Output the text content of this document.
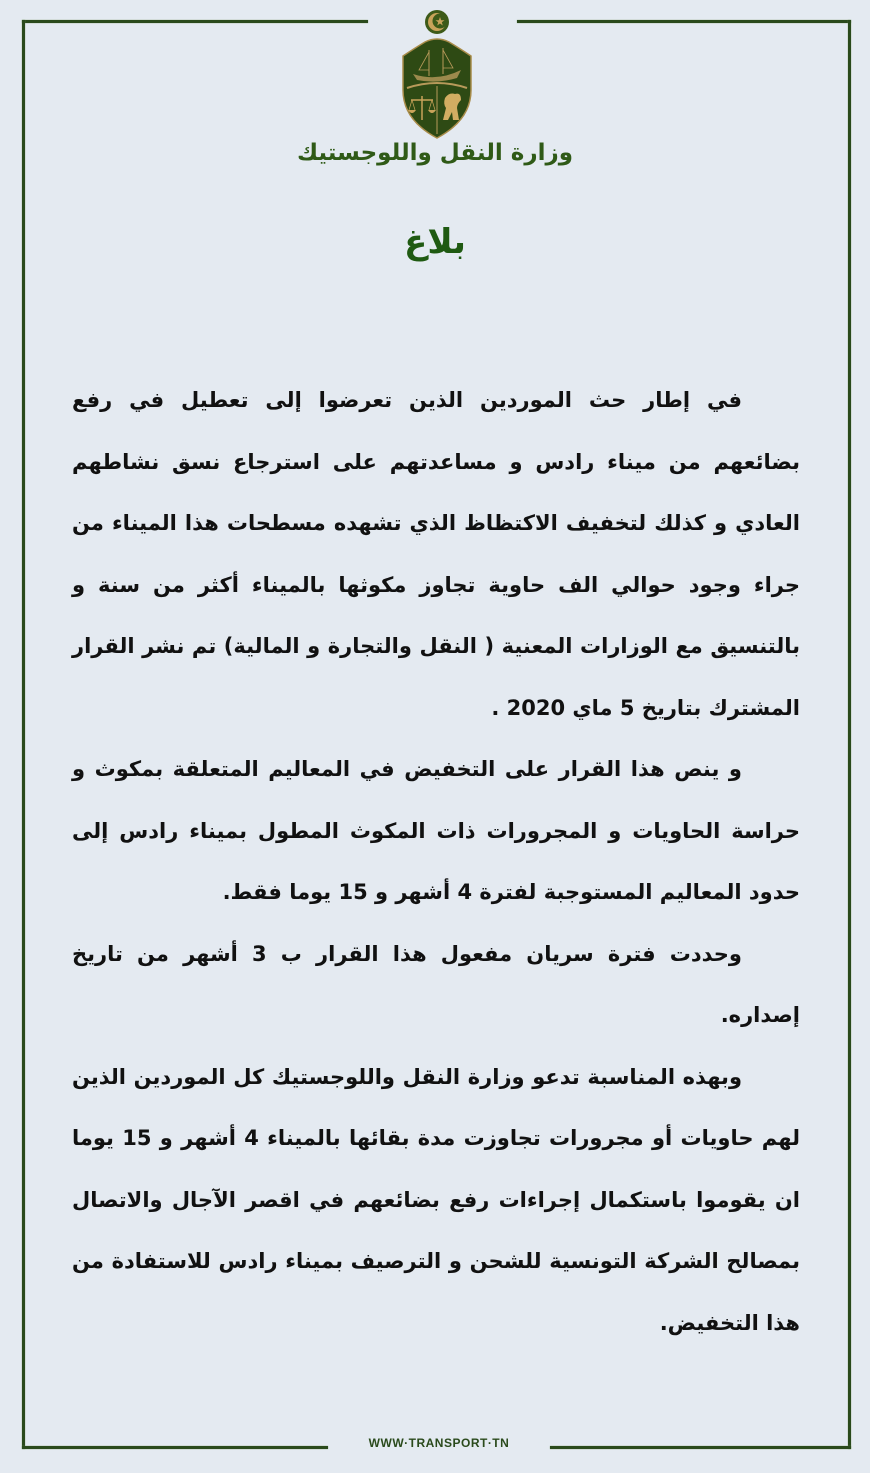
وزارة النقل واللوجستيك
بلاغ

في إطار حث الموردين الذين تعرضوا إلى تعطيل في رفع بضائعهم من ميناء رادس و مساعدتهم على استرجاع نسق نشاطهم العادي و كذلك لتخفيف الاكتظاظ الذي تشهده مسطحات هذا الميناء من جراء وجود حوالي الف حاوية تجاوز مكوثها بالميناء أكثر من سنة و بالتنسيق مع الوزارات المعنية ( النقل والتجارة و المالية) تم نشر القرار المشترك بتاريخ 5 ماي 2020 .

و ينص هذا القرار على التخفيض في المعاليم المتعلقة بمكوث و حراسة الحاويات و المجرورات ذات المكوث المطول بميناء رادس إلى حدود المعاليم المستوجبة لفترة 4 أشهر و 15 يوما فقط.

وحددت فترة سريان مفعول هذا القرار ب 3 أشهر من تاريخ إصداره.

وبهذه المناسبة تدعو وزارة النقل واللوجستيك كل الموردين الذين لهم حاويات أو مجرورات تجاوزت مدة بقائها بالميناء 4 أشهر و 15 يوما ان يقوموا باستكمال إجراءات رفع بضائعهم في اقصر الآجال والاتصال بمصالح الشركة التونسية للشحن و الترصيف بميناء رادس للاستفادة من هذا التخفيض.

WWW·TRANSPORT·TN
